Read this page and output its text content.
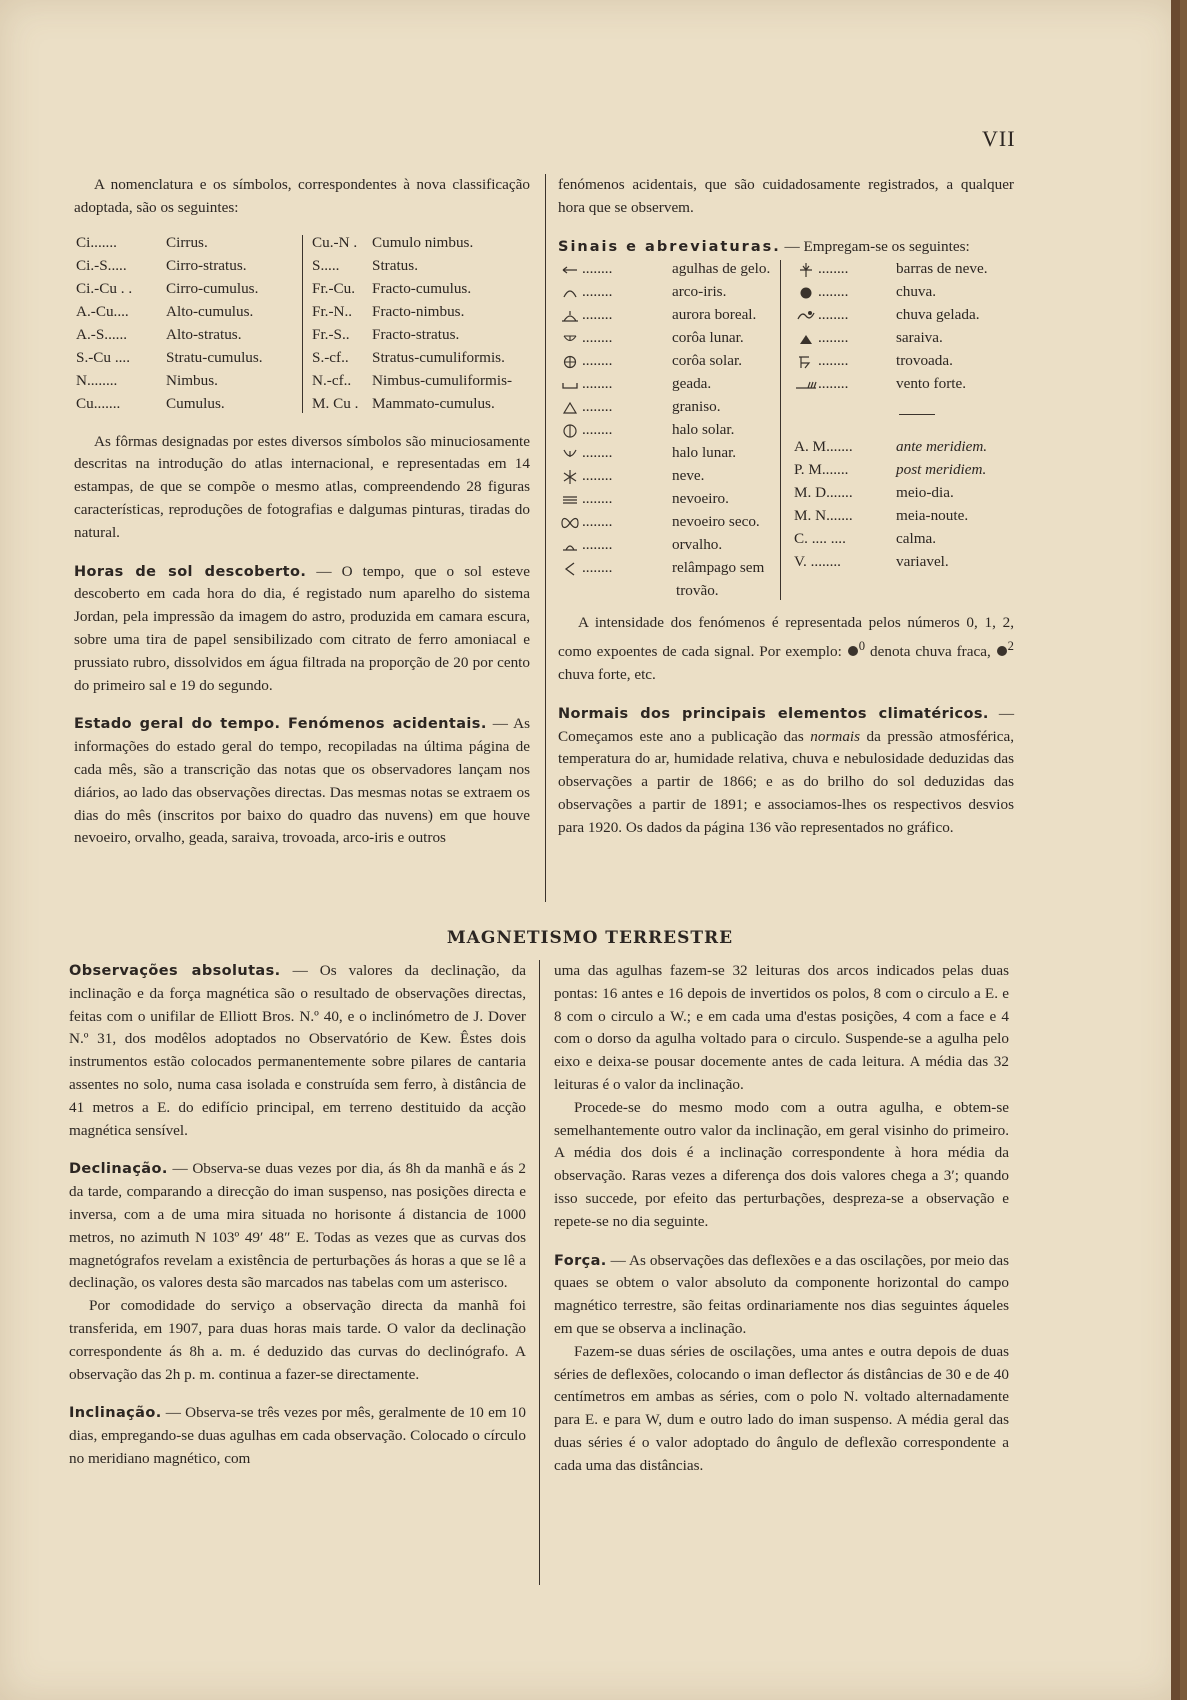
VII

A nomenclatura e os símbolos, correspondentes à nova classificação adoptada, são os seguintes:

Ci.......	Cirrus.
Ci.-S.....	Cirro-stratus.
Ci.-Cu . .	Cirro-cumulus.
A.-Cu....	Alto-cumulus.
A.-S......	Alto-stratus.
S.-Cu ....	Stratu-cumulus.
N........	Nimbus.
Cu.......	Cumulus.
Cu.-N .	Cumulo nimbus.
S.....	Stratus.
Fr.-Cu.	Fracto-cumulus.
Fr.-N..	Fracto-nimbus.
Fr.-S..	Fracto-stratus.
S.-cf..	Stratus-cumuliformis.
N.-cf..	Nimbus-cumuliformis-
M. Cu .	Mammato-cumulus.

As fôrmas designadas por estes diversos símbolos são minuciosamente descritas na introdução do atlas internacional, e representadas em 14 estampas, de que se compõe o mesmo atlas, compreendendo 28 figuras características, reproduções de fotografias e dalgumas pinturas, tiradas do natural.

Horas de sol descoberto. — O tempo, que o sol esteve descoberto em cada hora do dia, é registado num aparelho do sistema Jordan, pela impressão da imagem do astro, produzida em camara escura, sobre uma tira de papel sensibilizado com citrato de ferro amoniacal e prussiato rubro, dissolvidos em água filtrada na proporção de 20 por cento do primeiro sal e 19 do segundo.

Estado geral do tempo. Fenómenos acidentais. — As informações do estado geral do tempo, recopiladas na última página de cada mês, são a transcrição das notas que os observadores lançam nos diários, ao lado das observações directas. Das mesmas notas se extraem os dias do mês (inscritos por baixo do quadro das nuvens) em que houve nevoeiro, orvalho, geada, saraiva, trovoada, arco-iris e outros

fenómenos acidentais, que são cuidadosamente registrados, a qualquer hora que se observem.

Sinais e abreviaturas. — Empregam-se os seguintes:

........	agulhas de gelo.
........	arco-iris.
........	aurora boreal.
........	corôa lunar.
........	corôa solar.
........	geada.
........	graniso.
........	halo solar.
........	halo lunar.
........	neve.
........	nevoeiro.
........	nevoeiro seco.
........	orvalho.
........	relâmpago sem
trovão.
........	barras de neve.
........	chuva.
........	chuva gelada.
........	saraiva.
........	trovoada.
........	vento forte.
A. M.......	ante meridiem.
P. M.......	post meridiem.
M. D.......	meio-dia.
M. N.......	meia-noute.
C. .... ....	calma.
V. ........	variavel.

A intensidade dos fenómenos é representada pelos números 0, 1, 2, como expoentes de cada signal. Por exemplo: $^0$ denota chuva fraca, $^2$ chuva forte, etc.

Normais dos principais elementos climatéricos. — Começamos este ano a publicação das normais da pressão atmosférica, temperatura do ar, humidade relativa, chuva e nebulosidade deduzidas das observações a partir de 1866; e as do brilho do sol deduzidas das observações a partir de 1891; e associamos-lhes os respectivos desvios para 1920. Os dados da página 136 vão representados no gráfico.

MAGNETISMO TERRESTRE

Observações absolutas. — Os valores da declinação, da inclinação e da força magnética são o resultado de observações directas, feitas com o unifilar de Elliott Bros. N.º 40, e o inclinómetro de J. Dover N.º 31, dos modêlos adoptados no Observatório de Kew. Êstes dois instrumentos estão colocados permanentemente sobre pilares de cantaria assentes no solo, numa casa isolada e construída sem ferro, à distância de 41 metros a E. do edifício principal, em terreno destituido da acção magnética sensível.

Declinação. — Observa-se duas vezes por dia, ás 8h da manhã e ás 2 da tarde, comparando a direcção do iman suspenso, nas posições directa e inversa, com a de uma mira situada no horisonte á distancia de 1000 metros, no azimuth N 103º 49′ 48″ E. Todas as vezes que as curvas dos magnetógrafos revelam a existência de perturbações ás horas a que se lê a declinação, os valores desta são marcados nas tabelas com um asterisco.

Por comodidade do serviço a observação directa da manhã foi transferida, em 1907, para duas horas mais tarde. O valor da declinação correspondente ás 8h a. m. é deduzido das curvas do declinógrafo. A observação das 2h p. m. continua a fazer-se directamente.

Inclinação. — Observa-se três vezes por mês, geralmente de 10 em 10 dias, empregando-se duas agulhas em cada observação. Colocado o círculo no meridiano magnético, com

uma das agulhas fazem-se 32 leituras dos arcos indicados pelas duas pontas: 16 antes e 16 depois de invertidos os polos, 8 com o circulo a E. e 8 com o circulo a W.; e em cada uma d'estas posições, 4 com a face e 4 com o dorso da agulha voltado para o circulo. Suspende-se a agulha pelo eixo e deixa-se pousar docemente antes de cada leitura. A média das 32 leituras é o valor da inclinação.

Procede-se do mesmo modo com a outra agulha, e obtem-se semelhantemente outro valor da inclinação, em geral visinho do primeiro. A média dos dois é a inclinação correspondente à hora média da observação. Raras vezes a diferença dos dois valores chega a 3′; quando isso succede, por efeito das perturbações, despreza-se a observação e repete-se no dia seguinte.

Força. — As observações das deflexões e a das oscilações, por meio das quaes se obtem o valor absoluto da componente horizontal do campo magnético terrestre, são feitas ordinariamente nos dias seguintes áqueles em que se observa a inclinação.

Fazem-se duas séries de oscilações, uma antes e outra depois de duas séries de deflexões, colocando o iman deflector ás distâncias de 30 e de 40 centímetros em ambas as séries, com o polo N. voltado alternadamente para E. e para W, dum e outro lado do iman suspenso. A média geral das duas séries é o valor adoptado do ângulo de deflexão correspondente a cada uma das distâncias.
